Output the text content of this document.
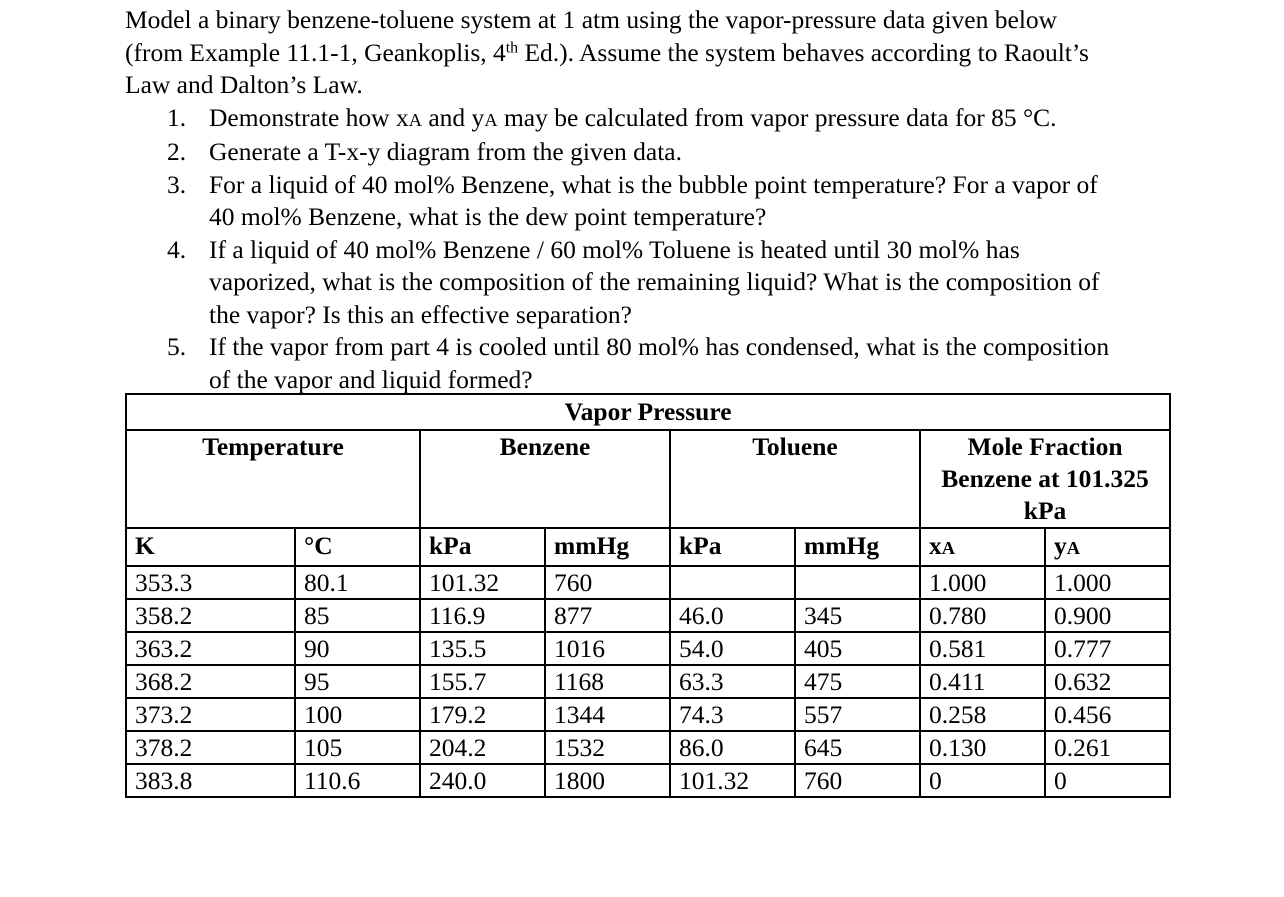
Model a binary benzene-toluene system at 1 atm using the vapor-pressure data given below
(from Example 11.1-1, Geankoplis, 4th Ed.). Assume the system behaves according to Raoult’s
Law and Dalton’s Law.

1. Demonstrate how xA and yA may be calculated from vapor pressure data for 85 °C.
2. Generate a T-x-y diagram from the given data.
3. For a liquid of 40 mol% Benzene, what is the bubble point temperature? For a vapor of
40 mol% Benzene, what is the dew point temperature?
4. If a liquid of 40 mol% Benzene / 60 mol% Toluene is heated until 30 mol% has
vaporized, what is the composition of the remaining liquid? What is the composition of
the vapor? Is this an effective separation?
5. If the vapor from part 4 is cooled until 80 mol% has condensed, what is the composition
of the vapor and liquid formed?
Vapor Pressure							
Temperature		Benzene		Toluene		Mole Fraction Benzene at 101.325 kPa	
K	°C	kPa	mmHg	kPa	mmHg	xA	yA
353.3	80.1	101.32	760			1.000	1.000
358.2	85	116.9	877	46.0	345	0.780	0.900
363.2	90	135.5	1016	54.0	405	0.581	0.777
368.2	95	155.7	1168	63.3	475	0.411	0.632
373.2	100	179.2	1344	74.3	557	0.258	0.456
378.2	105	204.2	1532	86.0	645	0.130	0.261
383.8	110.6	240.0	1800	101.32	760	0	0
